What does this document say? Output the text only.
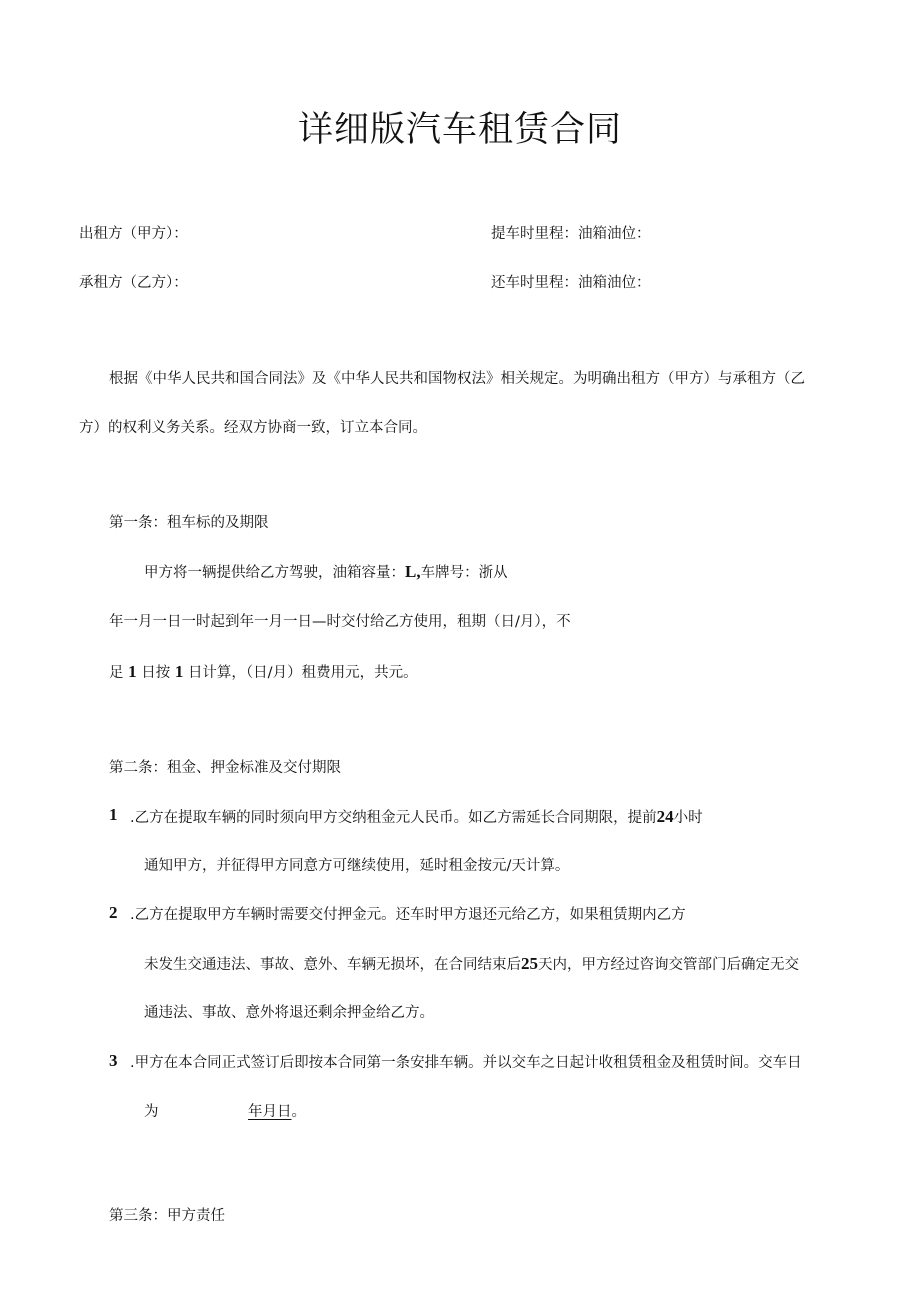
详细版汽车租赁合同
出租方（甲方）：	提车时里程：油箱油位：
承租方（乙方）：	还车时里程：油箱油位：
根据《中华人民共和国合同法》及《中华人民共和国物权法》相关规定。为明确出租方（甲方）与承租方（乙
方）的权利义务关系。经双方协商一致，订立本合同。
第一条：租车标的及期限
甲方将一辆提供给乙方驾驶，油箱容量：L,车牌号：浙从
年一月一日一时起到年一月一日—时交付给乙方使用，租期（日/月），不
足 1 日按 1 日计算，（日/月）租费用元，共元。
第二条：租金、押金标准及交付期限
1 .乙方在提取车辆的同时须向甲方交纳租金元人民币。如乙方需延长合同期限，提前24小时
通知甲方，并征得甲方同意方可继续使用，延时租金按元/天计算。
2 .乙方在提取甲方车辆时需要交付押金元。还车时甲方退还元给乙方，如果租赁期内乙方
未发生交通违法、事故、意外、车辆无损坏，在合同结束后25天内，甲方经过咨询交管部门后确定无交
通违法、事故、意外将退还剩余押金给乙方。
3 .甲方在本合同正式签订后即按本合同第一条安排车辆。并以交车之日起计收租赁租金及租赁时间。交车日
为	年月日。
第三条：甲方责任
